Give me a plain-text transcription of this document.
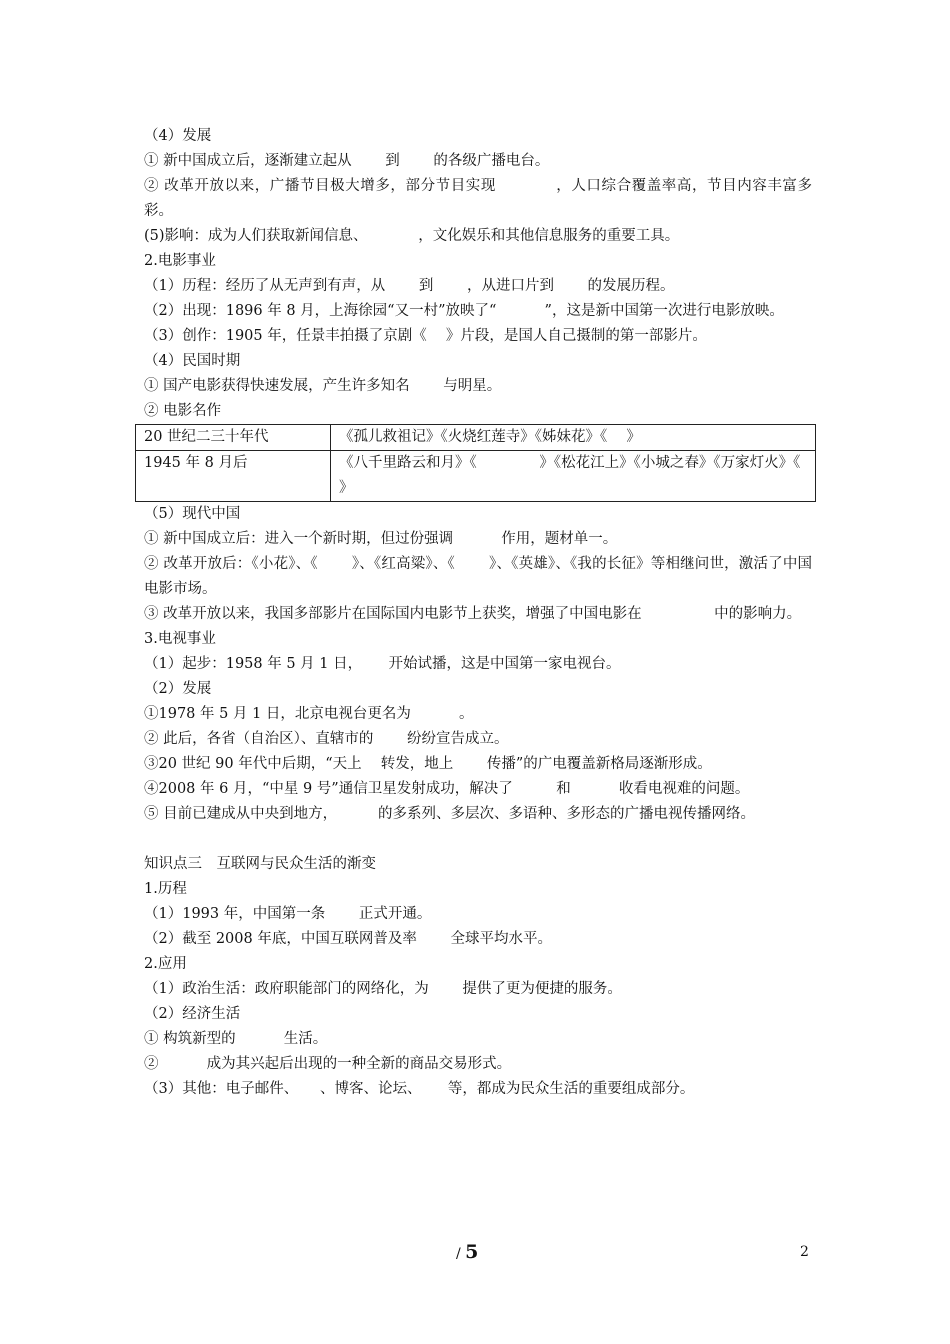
（4）发展
① 新中国成立后，逐渐建立起从　　 到　　 的各级广播电台。
② 改革开放以来，广播节目极大增多，部分节目实现　　　　，人口综合覆盖率高，节目内容丰富多彩。
(5)影响：成为人们获取新闻信息、　　　　，文化娱乐和其他信息服务的重要工具。
2.电影事业
（1）历程：经历了从无声到有声，从　　 到　　 ，从进口片到　　 的发展历程。
（2）出现：1896 年 8 月，上海徐园“又一村”放映了“　　　 ”，这是新中国第一次进行电影放映。
（3）创作：1905 年，任景丰拍摄了京剧《　 》片段，是国人自己摄制的第一部影片。
（4）民国时期
① 国产电影获得快速发展，产生许多知名　　 与明星。
② 电影名作
20 世纪二三十年代	《孤儿救祖记》《火烧红莲寺》《姊妹花》《　 》
1945 年 8 月后	《八千里路云和月》《　　　　 》《松花江上》《小城之春》《万家灯火》《　　 》
（5）现代中国
① 新中国成立后：进入一个新时期，但过份强调　　　 作用，题材单一。
② 改革开放后：《小花》、《　　 》、《红高粱》、《　　 》、《英雄》、《我的长征》等相继问世，激活了中国电影市场。
③ 改革开放以来，我国多部影片在国际国内电影节上获奖，增强了中国电影在　　　　　中的影响力。
3.电视事业
（1）起步：1958 年 5 月 1 日，　　 开始试播，这是中国第一家电视台。
（2）发展
①1978 年 5 月 1 日，北京电视台更名为　　　 。
② 此后，各省（自治区）、直辖市的　　 纷纷宣告成立。
③20 世纪 90 年代中后期，“天上　 转发，地上　　 传播”的广电覆盖新格局逐渐形成。
④2008 年 6 月，“中星 9 号”通信卫星发射成功，解决了　　　和　　　 收看电视难的问题。
⑤ 目前已建成从中央到地方，　　　 的多系列、多层次、多语种、多形态的广播电视传播网络。
知识点三　互联网与民众生活的渐变
1.历程
（1）1993 年，中国第一条　　 正式开通。
（2）截至 2008 年底，中国互联网普及率　　 全球平均水平。
2.应用
（1）政治生活：政府职能部门的网络化，为　　 提供了更为便捷的服务。
（2）经济生活
① 构筑新型的　　　 生活。
②　　　 成为其兴起后出现的一种全新的商品交易形式。
（3）其他：电子邮件、　　、博客、论坛、　　 等，都成为民众生活的重要组成部分。
/ 5	2
